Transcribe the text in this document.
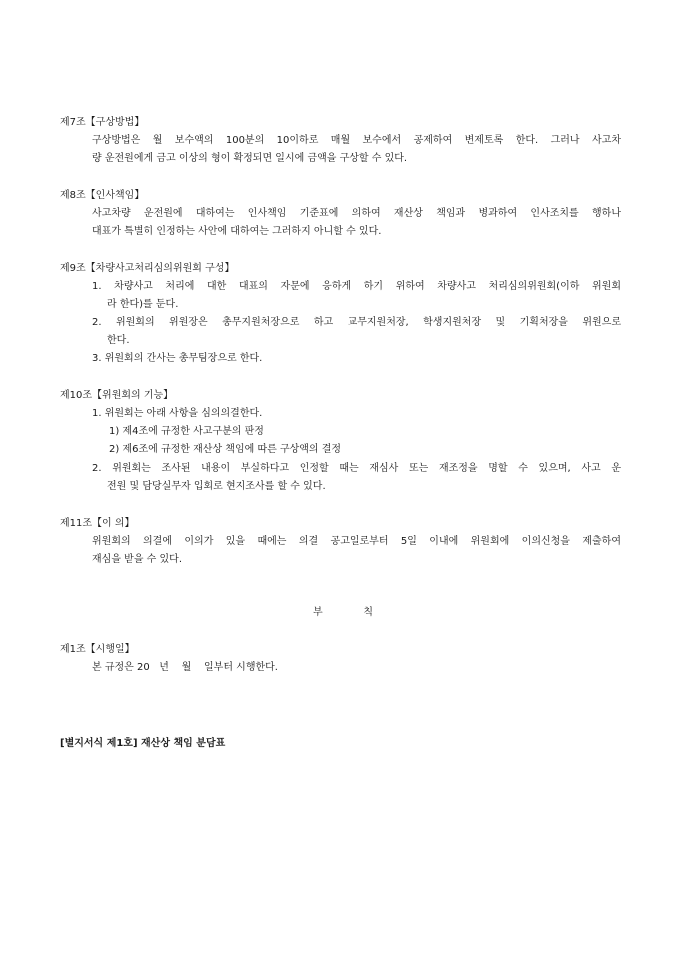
제7조【구상방법】
구상방법은 월 보수액의 100분의 10이하로 매월 보수에서 공제하여 변제토록 한다. 그러나 사고차
량 운전원에게 금고 이상의 형이 확정되면 일시에 금액을 구상할 수 있다.
제8조【인사책임】
사고차량 운전원에 대하여는 인사책임 기준표에 의하여 재산상 책임과 병과하여 인사조치를 행하나
대표가 특별히 인정하는 사안에 대하여는 그러하지 아니할 수 있다.
제9조【차량사고처리심의위원회 구성】
1. 차량사고 처리에 대한 대표의 자문에 응하게 하기 위하여 차량사고 처리심의위원회(이하 위원회
라 한다)를 둔다.
2. 위원회의 위원장은 총무지원처장으로 하고 교무지원처장, 학생지원처장 및 기획처장을 위원으로
한다.
3. 위원회의 간사는 총무팀장으로 한다.
제10조【위원회의 기능】
1. 위원회는 아래 사항을 심의의결한다.
1) 제4조에 규정한 사고구분의 판정
2) 제6조에 규정한 재산상 책임에 따른 구상액의 결정
2. 위원회는 조사된 내용이 부실하다고 인정할 때는 재심사 또는 재조정을 명할 수 있으며, 사고 운
전원 및 담당실무자 입회로 현지조사를 할 수 있다.
제11조【이 의】
위원회의 의결에 이의가 있을 때에는 의결 공고일로부터 5일 이내에 위원회에 이의신청을 제출하여
재심을 받을 수 있다.
부 칙
제1조【시행일】
본 규정은 20   년    월    일부터 시행한다.
[별지서식 제1호] 재산상 책임 분담표
